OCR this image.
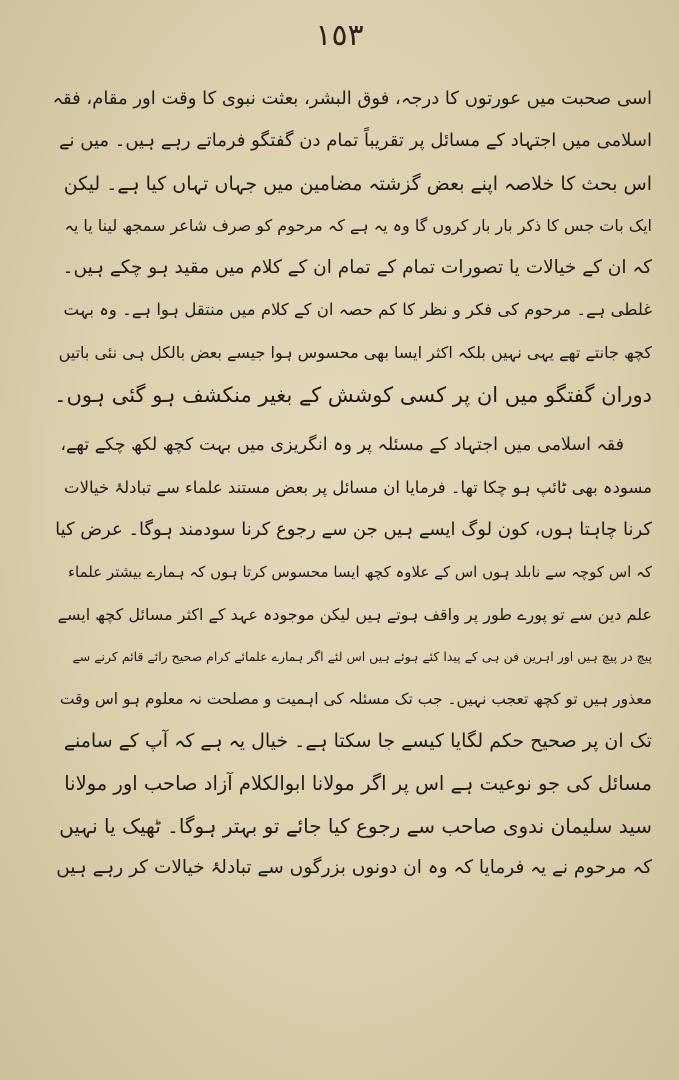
١٥٣
اسی صحبت میں عورتوں کا درجہ، فوق البشر، بعثت نبوی کا وقت اور مقام، فقہ
اسلامی میں اجتہاد کے مسائل پر تقریباً تمام دن گفتگو فرماتے رہے ہیں۔ میں نے
اس بحث کا خلاصہ اپنے بعض گزشتہ مضامین میں جہاں تہاں کیا ہے۔ لیکن
ایک بات جس کا ذکر بار بار کروں گا وہ یہ ہے کہ مرحوم کو صرف شاعر سمجھ لینا یا یہ
کہ ان کے خیالات یا تصورات تمام کے تمام ان کے کلام میں مقید ہو چکے ہیں۔
غلطی ہے۔ مرحوم کی فکر و نظر کا کم حصہ ان کے کلام میں منتقل ہوا ہے۔ وہ بہت
کچھ جانتے تھے یہی نہیں بلکہ اکثر ایسا بھی محسوس ہوا جیسے بعض بالکل ہی نئی باتیں
دوران گفتگو میں ان پر کسی کوشش کے بغیر منکشف ہو گئی ہوں۔
فقہ اسلامی میں اجتہاد کے مسئلہ پر وہ انگریزی میں بہت کچھ لکھ چکے تھے،
مسودہ بھی ٹائپ ہو چکا تھا۔ فرمایا ان مسائل پر بعض مستند علماء سے تبادلۂ خیالات
کرنا چاہتا ہوں، کون لوگ ایسے ہیں جن سے رجوع کرنا سودمند ہوگا۔ عرض کیا
کہ اس کوچہ سے نابلد ہوں اس کے علاوہ کچھ ایسا محسوس کرتا ہوں کہ ہمارے بیشتر علماء
علم دین سے تو پورے طور پر واقف ہوتے ہیں لیکن موجودہ عہد کے اکثر مسائل کچھ ایسے
پیچ در پیچ ہیں اور اہرین فن ہی کے پیدا کئے ہوئے ہیں اس لئے اگر ہمارے علمائے کرام صحیح رائے قائم کرنے سے
معذور ہیں تو کچھ تعجب نہیں۔ جب تک مسئلہ کی اہمیت و مصلحت نہ معلوم ہو اس وقت
تک ان پر صحیح حکم لگایا کیسے جا سکتا ہے۔ خیال یہ ہے کہ آپ کے سامنے
مسائل کی جو نوعیت ہے اس پر اگر مولانا ابوالکلام آزاد صاحب اور مولانا
سید سلیمان ندوی صاحب سے رجوع کیا جائے تو بہتر ہوگا۔ ٹھیک یا نہیں
کہ مرحوم نے یہ فرمایا کہ وہ ان دونوں بزرگوں سے تبادلۂ خیالات کر رہے ہیں
